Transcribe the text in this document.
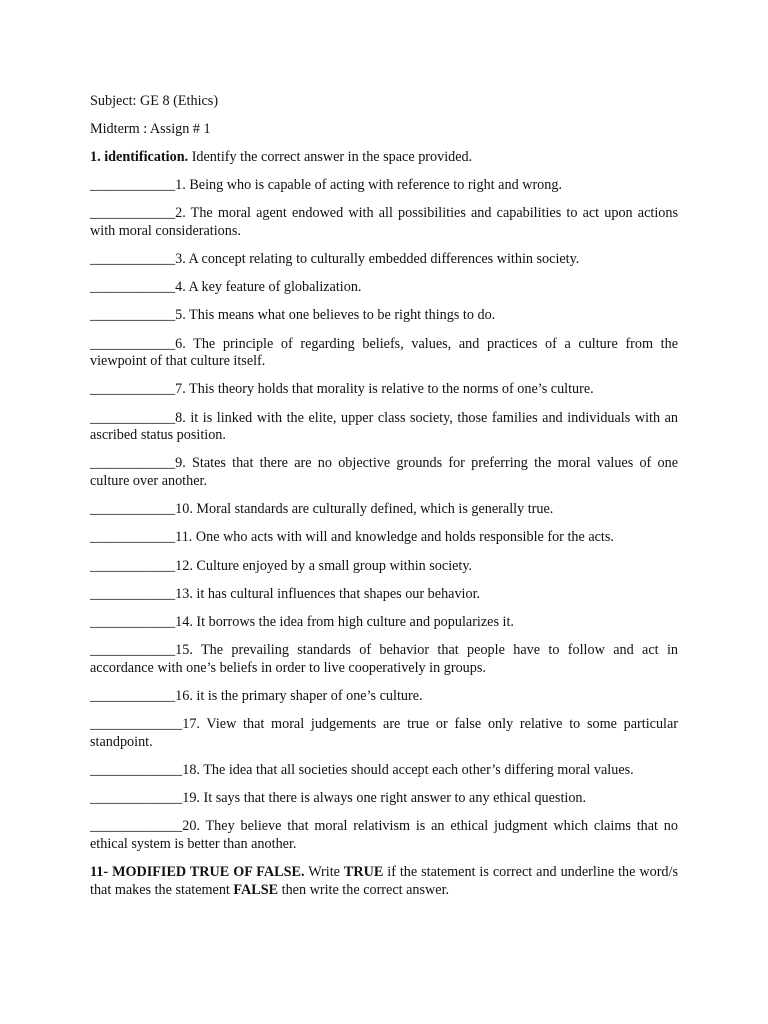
Subject: GE 8 (Ethics)

Midterm : Assign # 1

1. identification. Identify the correct answer in the space provided.

____________1. Being who is capable of acting with reference to right and wrong.

____________2. The moral agent endowed with all possibilities and capabilities to act upon actions with moral considerations.

____________3. A concept relating to culturally embedded differences within society.

____________4. A key feature of globalization.

____________5. This means what one believes to be right things to do.

____________6. The principle of regarding beliefs, values, and practices of a culture from the viewpoint of that culture itself.

____________7. This theory holds that morality is relative to the norms of one’s culture.

____________8. it is linked with the elite, upper class society, those families and individuals with an ascribed status position.

____________9. States that there are no objective grounds for preferring the moral values of one culture over another.

____________10. Moral standards are culturally defined, which is generally true.

____________11. One who acts with will and knowledge and holds responsible for the acts.

____________12. Culture enjoyed by a small group within society.

____________13. it has cultural influences that shapes our behavior.

____________14. It borrows the idea from high culture and popularizes it.

____________15. The prevailing standards of behavior that people have to follow and act in accordance with one’s beliefs in order to live cooperatively in groups.

____________16. it is the primary shaper of one’s culture.

_____________17. View that moral judgements are true or false only relative to some particular standpoint.

_____________18. The idea that all societies should accept each other’s differing moral values.

_____________19. It says that there is always one right answer to any ethical question.

_____________20. They believe that moral relativism is an ethical judgment which claims that no ethical system is better than another.

11- MODIFIED TRUE OF FALSE. Write TRUE if the statement is correct and underline the word/s that makes the statement FALSE then write the correct answer.
